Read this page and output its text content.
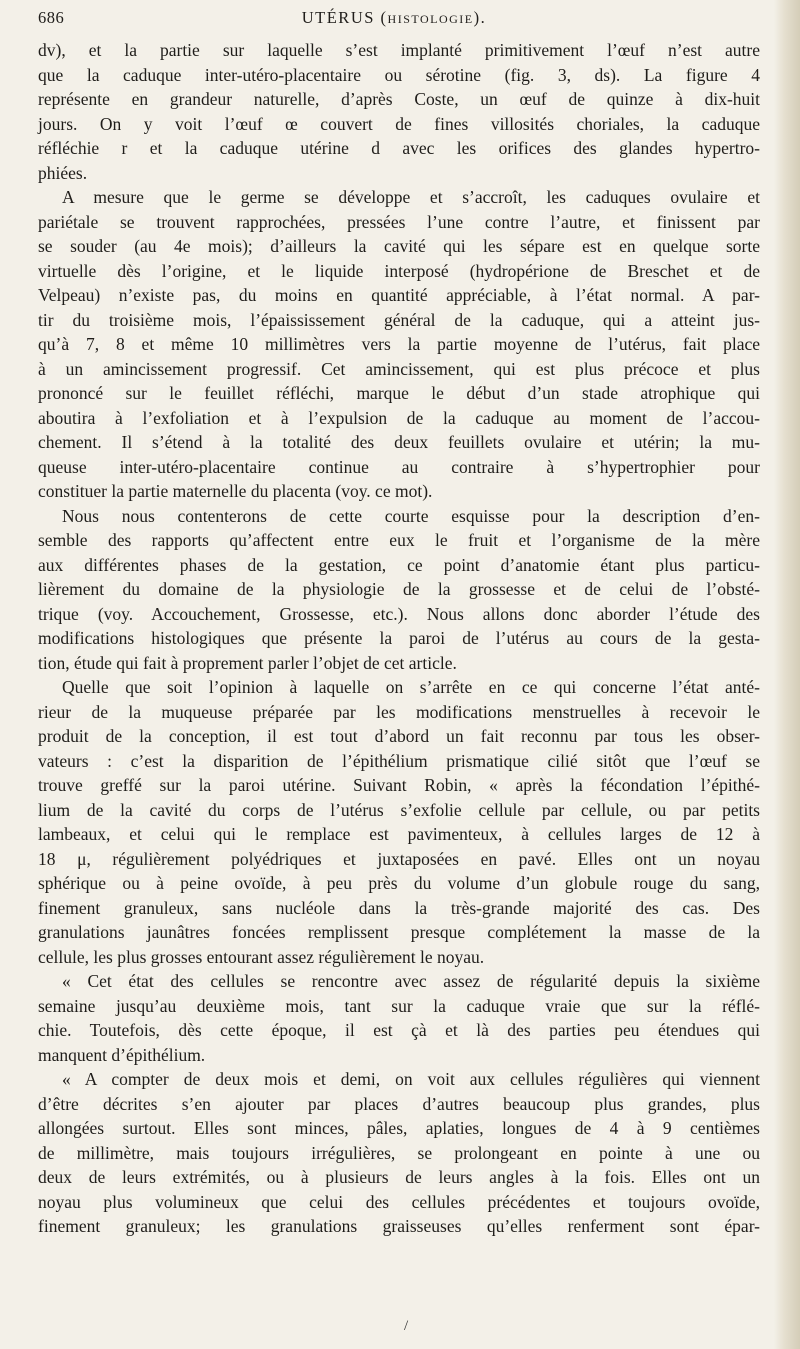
686	UTÉRUS (HISTOLOGIE).
dv), et la partie sur laquelle s’est implanté primitivement l’œuf n’est autre
que la caduque inter-utéro-placentaire ou sérotine (fig. 3, ds). La figure 4
représente en grandeur naturelle, d’après Coste, un œuf de quinze à dix-huit
jours. On y voit l’œuf œ couvert de fines villosités choriales, la caduque
réfléchie r et la caduque utérine d avec les orifices des glandes hypertro-
phiées.
A mesure que le germe se développe et s’accroît, les caduques ovulaire et
pariétale se trouvent rapprochées, pressées l’une contre l’autre, et finissent par
se souder (au 4e mois); d’ailleurs la cavité qui les sépare est en quelque sorte
virtuelle dès l’origine, et le liquide interposé (hydropérione de Breschet et de
Velpeau) n’existe pas, du moins en quantité appréciable, à l’état normal. A par-
tir du troisième mois, l’épaississement général de la caduque, qui a atteint jus-
qu’à 7, 8 et même 10 millimètres vers la partie moyenne de l’utérus, fait place
à un amincissement progressif. Cet amincissement, qui est plus précoce et plus
prononcé sur le feuillet réfléchi, marque le début d’un stade atrophique qui
aboutira à l’exfoliation et à l’expulsion de la caduque au moment de l’accou-
chement. Il s’étend à la totalité des deux feuillets ovulaire et utérin; la mu-
queuse inter-utéro-placentaire continue au contraire à s’hypertrophier pour
constituer la partie maternelle du placenta (voy. ce mot).
Nous nous contenterons de cette courte esquisse pour la description d’en-
semble des rapports qu’affectent entre eux le fruit et l’organisme de la mère
aux différentes phases de la gestation, ce point d’anatomie étant plus particu-
lièrement du domaine de la physiologie de la grossesse et de celui de l’obsté-
trique (voy. Accouchement, Grossesse, etc.). Nous allons donc aborder l’étude des
modifications histologiques que présente la paroi de l’utérus au cours de la gesta-
tion, étude qui fait à proprement parler l’objet de cet article.
Quelle que soit l’opinion à laquelle on s’arrête en ce qui concerne l’état anté-
rieur de la muqueuse préparée par les modifications menstruelles à recevoir le
produit de la conception, il est tout d’abord un fait reconnu par tous les obser-
vateurs : c’est la disparition de l’épithélium prismatique cilié sitôt que l’œuf se
trouve greffé sur la paroi utérine. Suivant Robin, « après la fécondation l’épithé-
lium de la cavité du corps de l’utérus s’exfolie cellule par cellule, ou par petits
lambeaux, et celui qui le remplace est pavimenteux, à cellules larges de 12 à
18 μ, régulièrement polyédriques et juxtaposées en pavé. Elles ont un noyau
sphérique ou à peine ovoïde, à peu près du volume d’un globule rouge du sang,
finement granuleux, sans nucléole dans la très-grande majorité des cas. Des
granulations jaunâtres foncées remplissent presque complétement la masse de la
cellule, les plus grosses entourant assez régulièrement le noyau.
« Cet état des cellules se rencontre avec assez de régularité depuis la sixième
semaine jusqu’au deuxième mois, tant sur la caduque vraie que sur la réflé-
chie. Toutefois, dès cette époque, il est çà et là des parties peu étendues qui
manquent d’épithélium.
« A compter de deux mois et demi, on voit aux cellules régulières qui viennent
d’être décrites s’en ajouter par places d’autres beaucoup plus grandes, plus
allongées surtout. Elles sont minces, pâles, aplaties, longues de 4 à 9 centièmes
de millimètre, mais toujours irrégulières, se prolongeant en pointe à une ou
deux de leurs extrémités, ou à plusieurs de leurs angles à la fois. Elles ont un
noyau plus volumineux que celui des cellules précédentes et toujours ovoïde,
finement granuleux; les granulations graisseuses qu’elles renferment sont épar-
/
